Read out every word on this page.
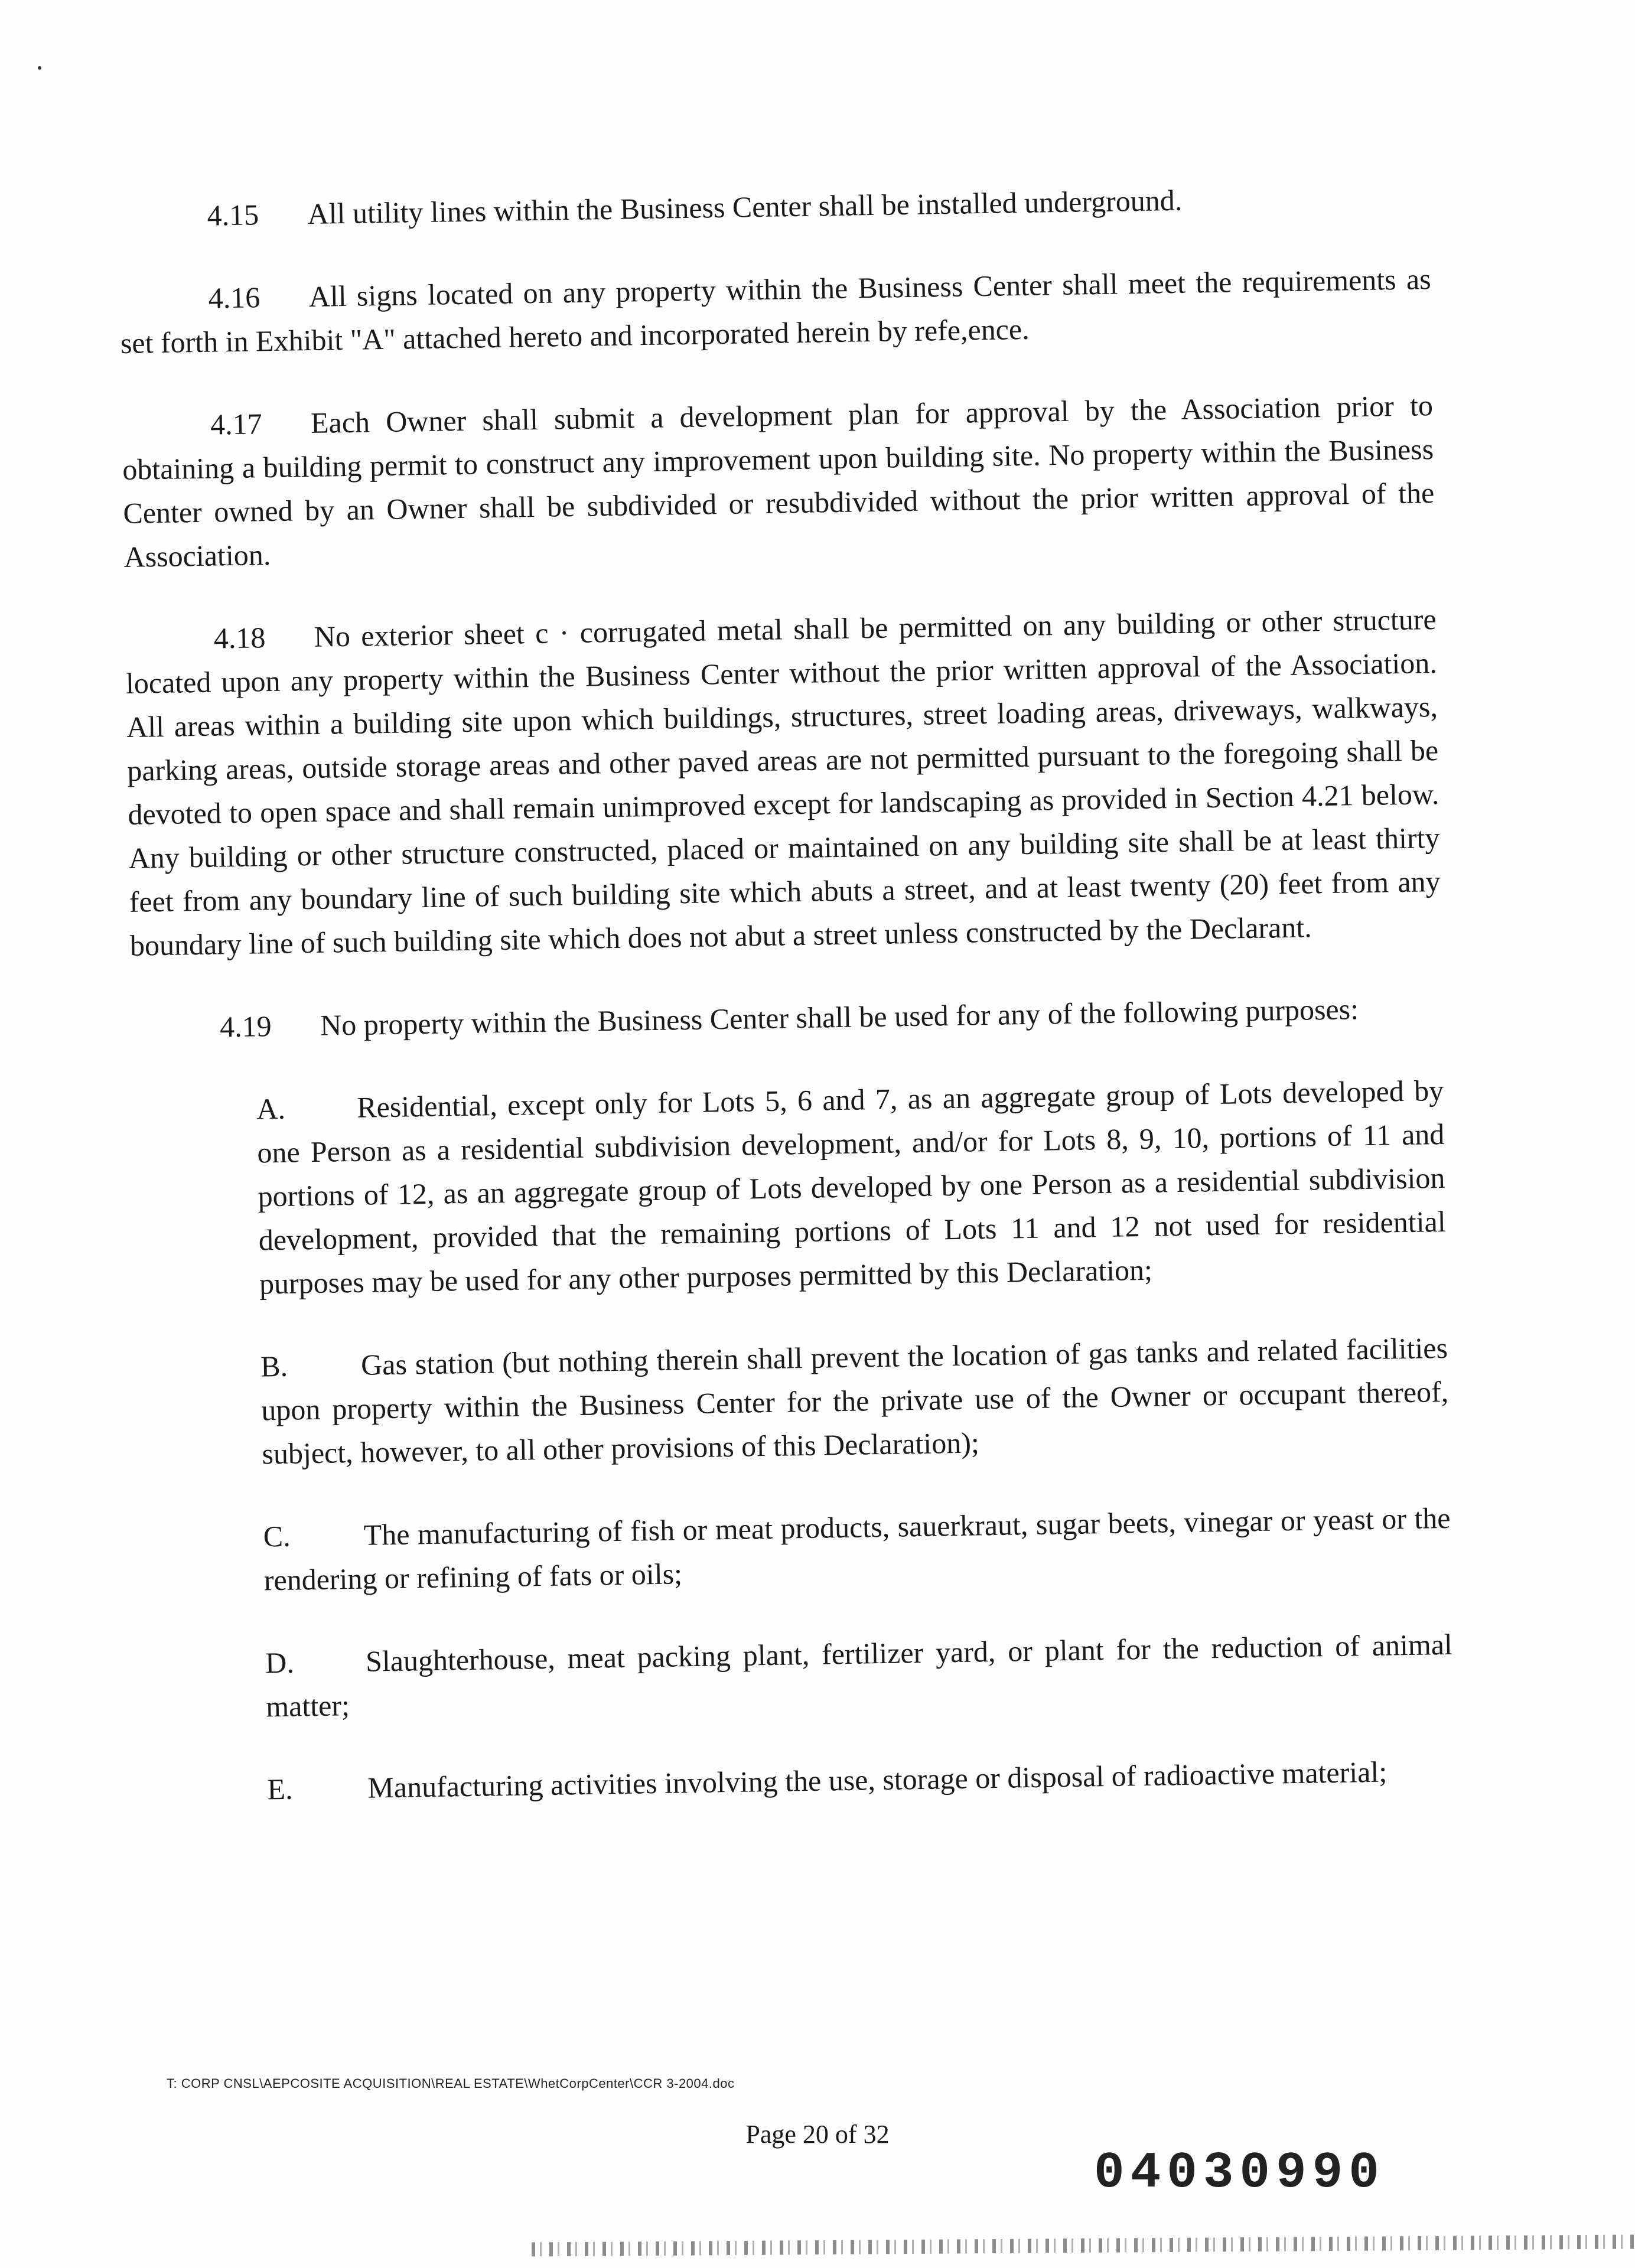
4.15 All utility lines within the Business Center shall be installed underground.

4.16 All signs located on any property within the Business Center shall meet the requirements as set forth in Exhibit "A" attached hereto and incorporated herein by refe,ence.

4.17 Each Owner shall submit a development plan for approval by the Association prior to obtaining a building permit to construct any improvement upon building site. No property within the Business Center owned by an Owner shall be subdivided or resubdivided without the prior written approval of the Association.

4.18 No exterior sheet c · corrugated metal shall be permitted on any building or other structure located upon any property within the Business Center without the prior written approval of the Association. All areas within a building site upon which buildings, structures, street loading areas, driveways, walkways, parking areas, outside storage areas and other paved areas are not permitted pursuant to the foregoing shall be devoted to open space and shall remain unimproved except for landscaping as provided in Section 4.21 below. Any building or other structure constructed, placed or maintained on any building site shall be at least thirty feet from any boundary line of such building site which abuts a street, and at least twenty (20) feet from any boundary line of such building site which does not abut a street unless constructed by the Declarant.

4.19 No property within the Business Center shall be used for any of the following purposes:

A. Residential, except only for Lots 5, 6 and 7, as an aggregate group of Lots developed by one Person as a residential subdivision development, and/or for Lots 8, 9, 10, portions of 11 and portions of 12, as an aggregate group of Lots developed by one Person as a residential subdivision development, provided that the remaining portions of Lots 11 and 12 not used for residential purposes may be used for any other purposes permitted by this Declaration;

B. Gas station (but nothing therein shall prevent the location of gas tanks and related facilities upon property within the Business Center for the private use of the Owner or occupant thereof, subject, however, to all other provisions of this Declaration);

C. The manufacturing of fish or meat products, sauerkraut, sugar beets, vinegar or yeast or the rendering or refining of fats or oils;

D. Slaughterhouse, meat packing plant, fertilizer yard, or plant for the reduction of animal matter;

E.	Manufacturing activities involving the use, storage or disposal of radioactive material;

T: CORP CNSL\AEPCOSITE ACQUISITION\REAL ESTATE\WhetCorpCenter\CCR 3-2004.doc
Page 20 of 32
04030990
